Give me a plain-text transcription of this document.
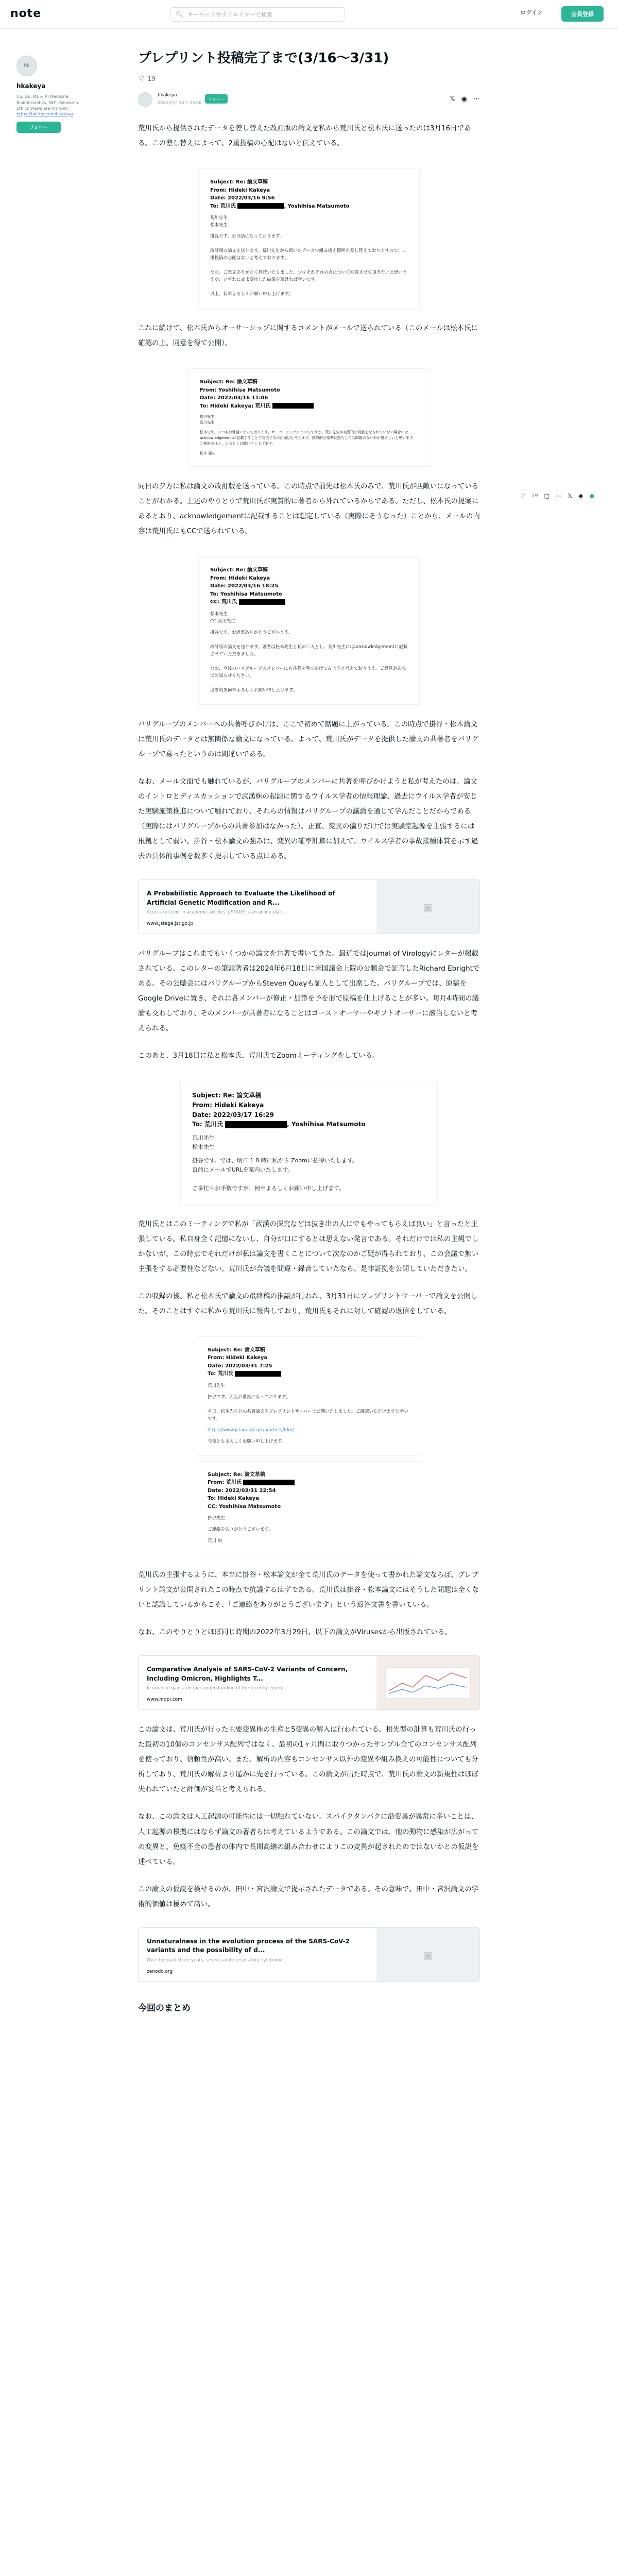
note	🔍︎
キーワードやクリエイターで検索	ログイン	会員登録
hk
hkakeya
CS, DE, ML & AI Medicine, Bioinformatics, NLP, Research Ethics Views are my own.
https://twitter.com/hkakeya
フォロー
プレプリント投稿完了まで(3/16〜3/31)
♡ 19
hkakeya
2024年5月13日 23:00
フォロー	𝕏 ◉ ⋯

荒川氏から提供されたデータを差し替えた改訂版の論文を私から荒川氏と松本氏に送ったのは3月16日である。この差し替えによって、2重投稿の心配はないと伝えている。

Subject: Re: 論文草稿
From: Hideki Kakeya
Date: 2022/03/16 9:56
To: 荒川氏	, Yoshihisa Matsumoto
荒川先生
松本先生
掛谷です。お世話になっております。

改訂版の論文を送ります。荒川先生から頂いたデータで組み換え箇所を差し替えておりますので、二重投稿の心配はないと考えております。

なお、ご意見ありがたく拝読いたしました。少々それぞれの点について回答させて頂きたいと思いますが、いずれにせよ変化した結果を頂ければ幸いです。

以上、何卒よろしくお願い申し上げます。

これに続けて、松本氏からオーサーシップに関するコメントがメールで送られている（このメールは松本氏に確認の上、同意を得て公開）。

Subject: Re: 論文草稿
From: Yoshihisa Matsumoto
Date: 2022/03/16 11:06
To: Hideki Kakeya; 荒川氏
掛谷先生
荒川先生
松本です。いつもお世話になっております。オーサーシップについてですが、荒川先生が実質的な貢献をなされていない場合には、acknowledgementに記載することで対応するのが適切と考えます。国際的な基準に照らしても問題のない形が望ましいと思います。ご検討のほど、よろしくお願い申し上げます。
松本 義久

同日の夕方に私は論文の改訂版を送っている。この時点で前先は松本氏のみで、荒川氏が匹敵いになっていることがわかる。上述のやりとりで荒川氏が実質的に著者から外れているからである。ただし、松本氏の提案にあるとおり、acknowledgementに記載することは想定している（実際にそうなった）ことから、メールの内容は荒川氏にもCCで送られている。

Subject: Re: 論文草稿
From: Hideki Kakeya
Date: 2022/03/16 18:25
To: Yoshihisa Matsumoto
CC: 荒川氏
松本先生
CC:荒川先生
掛谷です。お返事ありがとうございます。

改訂版の論文を送ります。著者は松本先生と私の二人とし、荒川先生にはacknowledgementに記載させていただきました。

なお、今後のバリグループのメンバーにも共著を呼びかけてみようと考えております。ご意見があればお知らせください。

引き続き何卒よろしくお願い申し上げます。

バリグループのメンバーへの共著呼びかけは、ここで初めて話題に上がっている。この時点で掛谷・松本論文は荒川氏のデータとは無関係な論文になっている。よって、荒川氏がデータを提供した論文の共著者をバリグループで募ったというのは間違いである。

なお、メール文面でも触れているが、バリグループのメンバーに共著を呼びかけようと私が考えたのは、論文のイントロとディスカッションで武漢株の起源に関するウイルス学者の情報理論、過去にウイルス学者が安じた実験施策推進について触れており、それらの情報はバリグループの議論を通じて学んだことだからである（実際にはバリグループからの共著参加はなかった）。正直、変異の偏りだけでは実験室起源を主張するには根拠として弱い。掛谷・松本論文の強みは、変異の確率計算に加えて、ウイルス学者の事故接種体質を示す過去の具体的事例を数多く提示している点にある。

A Probabilistic Approach to Evaluate the Likelihood of Artificial Genetic Modification and R...
Access full text in academic articles. J-STAGE is an online platf...
www.jstage.jst.go.jp
▣

バリグループはこれまでもいくつかの論文を共著で書いてきた。最近ではJournal of Virologyにレターが掲載されている。このレターの筆頭著者は2024年6月18日に米国議会上院の公聴会で証言したRichard Ebrightである。その公聴会にはバリグループからSteven Quayも証人として出席した。バリグループでは、原稿をGoogle Driveに置き、それに各メンバーが修正・加筆を予を形で原稿を仕上げることが多い。毎月4時間の議論も交わしており、そのメンバーが共著者になることはゴーストオーサーやギフトオーサーに該当しないと考えられる。

このあと、3月18日に私と松本氏、荒川氏でZoomミーティングをしている。

Subject: Re: 論文草稿
From: Hideki Kakeya
Date: 2022/03/17 16:29
To: 荒川氏	, Yoshihisa Matsumoto
荒川先生
松本先生
掛谷です。では、明日 1 8 時に私から Zoomに招待いたします。
直前にメールでURLを案内いたします。

ご多忙中お手数ですが、何卒よろしくお願い申し上げます。

荒川氏とはこのミーティングで私が「武漢の探究などは抜き出の人にでもやってもらえば良い」と言ったと主張している。私自身全く記憶にないし、自分が口にするとは思えない発言である。それだけでは私の主観でしかないが、この時点でそれだけが私は論文を書くことについて次なのかご疑が得られており、この会議で無い主張をする必要性などない。荒川氏が合議を間違・録音していたなら、是非証拠を公開していただきたい。

この収録の後、私と松本氏で論文の最終稿の推敲が行われ、3月31日にプレプリントサーバーで論文を公開した。そのことはすぐに私から荒川氏に報告しており、荒川氏もそれに対して確認の返信をしている。

Subject: Re: 論文草稿
From: Hideki Kakeya
Date: 2022/03/31 7:25
To: 荒川氏
荒川先生
掛谷です。大変お世話になっております。

本日、松本先生との共著論文をプレプリントサーバーで公開いたしました。ご確認いただけますと幸いです。
https://www.jstage.jst.go.jp/article/fdm/...
今後ともよろしくお願い申し上げます。
Subject: Re: 論文草稿
From: 荒川氏
Date: 2022/03/31 22:54
To: Hideki Kakeya
CC: Yoshihisa Matsumoto
掛谷先生
ご連絡をありがとうございます。
荒川 央

荒川氏の主張するように、本当に掛谷・松本論文が全て荒川氏のデータを使って書かれた論文ならば、プレプリント論文が公開されたこの時点で抗議するはずである。荒川氏は掛谷・松本論文にはそうした問題は全くないと認識しているからこそ、「ご連絡をありがとうございます」という返答文書を書いている。

なお、このやりとりとほぼ同じ時期の2022年3月29日、以下の論文がVirusesから出版されている。

Comparative Analysis of SARS-CoV-2 Variants of Concern, Including Omicron, Highlights T...
In order to gain a deeper understanding of the recently emerg...
www.mdpi.com

この論文は、荒川氏が行った主要変異株の生産と5変異の解入は行われている。相先型の計算も荒川氏の行った最初の10個のコンセンサス配列ではなく、最初の1ヶ月間に取りつかったサンプル全てのコンセンサス配列を使っており、信頼性が高い。また、解析の内容もコンセンサス以外の変異や組み換えの可能性についても分析しており、荒川氏の解析より遥かに先を行っている。この論文が出た時点で、荒川氏の論文の新規性はほぼ失われていたと評価が妥当と考えられる。

なお、この論文は人工起源の可能性には一切触れていない。スパイクタンパクに沿変異が異常に多いことは、人工起源の根拠にはならず論文の著者らは考えているようである。この論文では、他の動物に感染が広がっての変異と、免疫不全の患者の体内で長期高継の組み合わせによりこの変異が起されたのではないかとの仮説を述べている。

この論文の仮説を検せるのが、田中・宮沢論文で提示されたデータである。その意味で、田中・宮沢論文の学術的価値は極めて高い。

Unnaturalness in the evolution process of the SARS-CoV-2 variants and the possibility of d...
Over the past three years, severe acute respiratory syndrome...
zenodo.org
▣
今回のまとめ
♡ 19 □ ⋯ 𝕏 ◉ ●
